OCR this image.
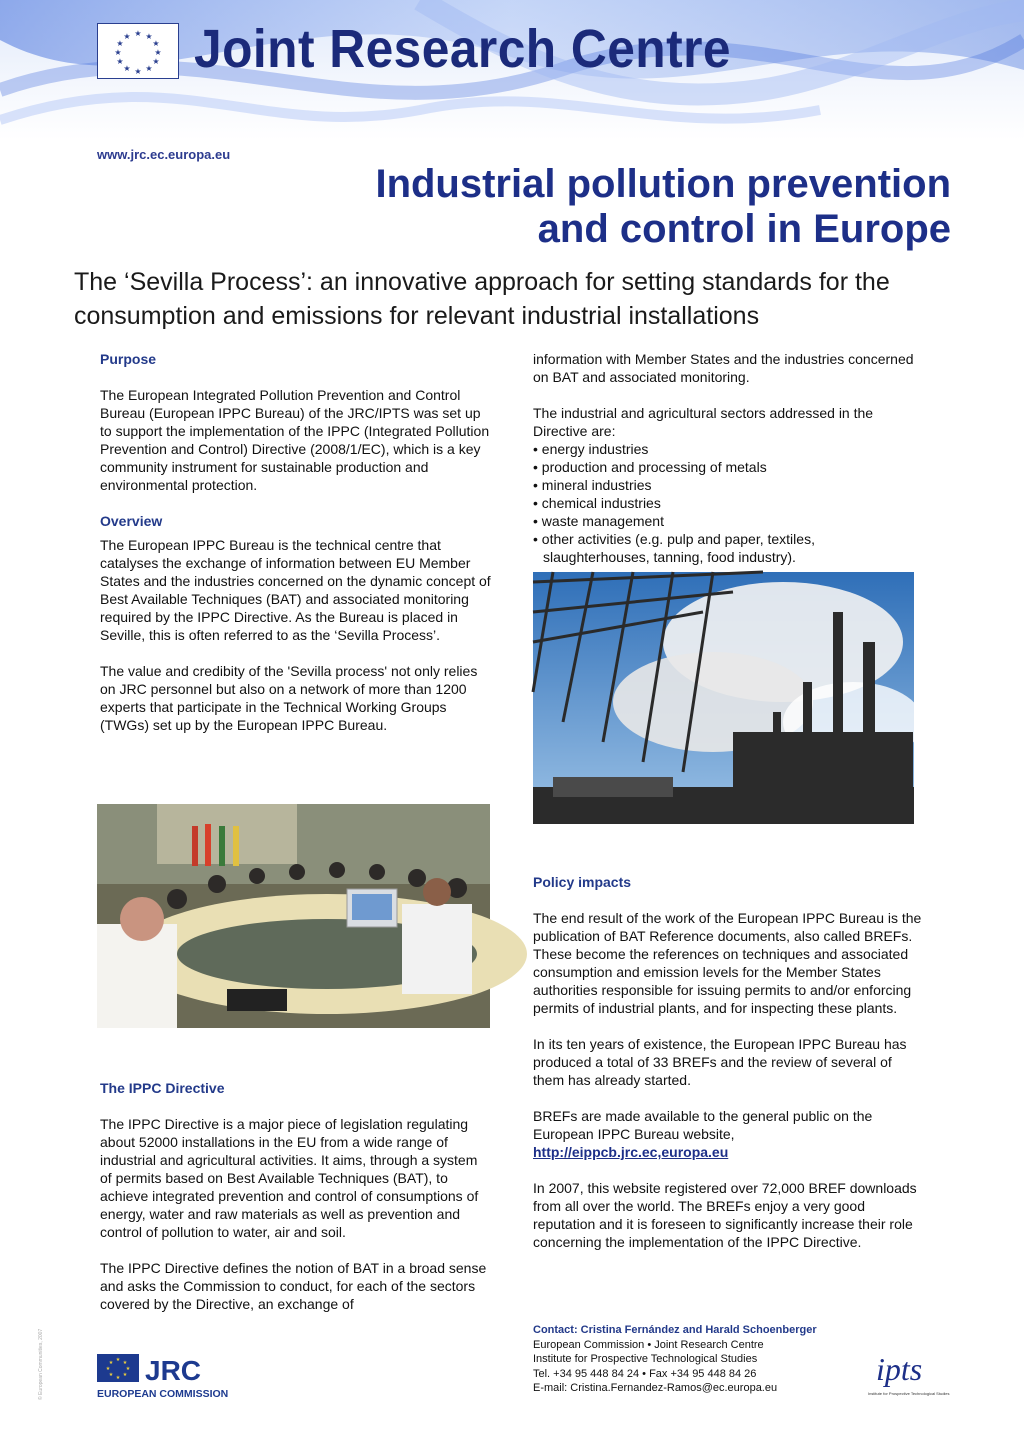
★ ★
★
★
★
★
★
★
★
★
★
★ Joint Research Centre
www.jrc.ec.europa.eu
Industrial pollution prevention
and control in Europe
The ‘Sevilla Process’: an innovative approach for setting standards for the consumption and emissions for relevant industrial installations
Purpose

The European Integrated Pollution Prevention and Control Bureau (European IPPC Bureau) of the JRC/IPTS was set up to support the implementation of the IPPC (Integrated Pollution Prevention and Control) Directive (2008/1/EC), which is a key community instrument for sustainable production and environmental protection.

Overview

The European IPPC Bureau is the technical centre that catalyses the exchange of information between EU Member States and the industries concerned on the dynamic concept of Best Available Techniques (BAT) and associated monitoring required by the IPPC Directive. As the Bureau is placed in Seville, this is often referred to as the ‘Sevilla Process’.

The value and credibity of the 'Sevilla process' not only relies on JRC personnel but also on a network of more than 1200 experts that participate in the Technical Working Groups (TWGs) set up by the European IPPC Bureau.

The IPPC Directive

The IPPC Directive is a major piece of legislation regulating about 52000 installations in the EU from a wide range of industrial and agricultural activities. It aims, through a system of permits based on Best Available Techniques (BAT), to achieve integrated prevention and control of consumptions of energy, water and raw materials as well as prevention and control of pollution to water, air and soil.

The IPPC Directive defines the notion of BAT in a broad sense and asks the Commission to conduct, for each of the sectors covered by the Directive, an exchange of

information with Member States and the industries concerned on BAT and associated monitoring.

The industrial and agricultural sectors addressed in the Directive are:
• energy industries
• production and processing of metals
• mineral industries
• chemical industries
• waste management
• other activities (e.g. pulp and paper, textiles, slaughterhouses, tanning, food industry).
Policy impacts

The end result of the work of the European IPPC Bureau is the publication of BAT Reference documents, also called BREFs. These become the references on techniques and associated consumption and emission levels for the Member States authorities responsible for issuing permits to and/or enforcing permits of industrial plants, and for inspecting these plants.

In its ten years of existence, the European IPPC Bureau has produced a total of 33 BREFs and the review of several of them has already started.

BREFs are made available to the general public on the European IPPC Bureau website,
http://eippcb.jrc.ec,europa.eu

In 2007, this website registered over 72,000 BREF downloads from all over the world. The BREFs enjoy a very good reputation and it is foreseen to significantly increase their role concerning the implementation of the IPPC Directive.

Contact: Cristina Fernández and Harald Schoenberger
European Commission • Joint Research Centre
Institute for Prospective Technological Studies
Tel. +34 95 448 84 24 • Fax +34 95 448 84 26
E-mail: Cristina.Fernandez-Ramos@ec.europa.eu
★ ★
★
★
★
★
★
★ JRC
EUROPEAN COMMISSION
ipts
Institute for Prospective Technological Studies
© European Communities, 2007
